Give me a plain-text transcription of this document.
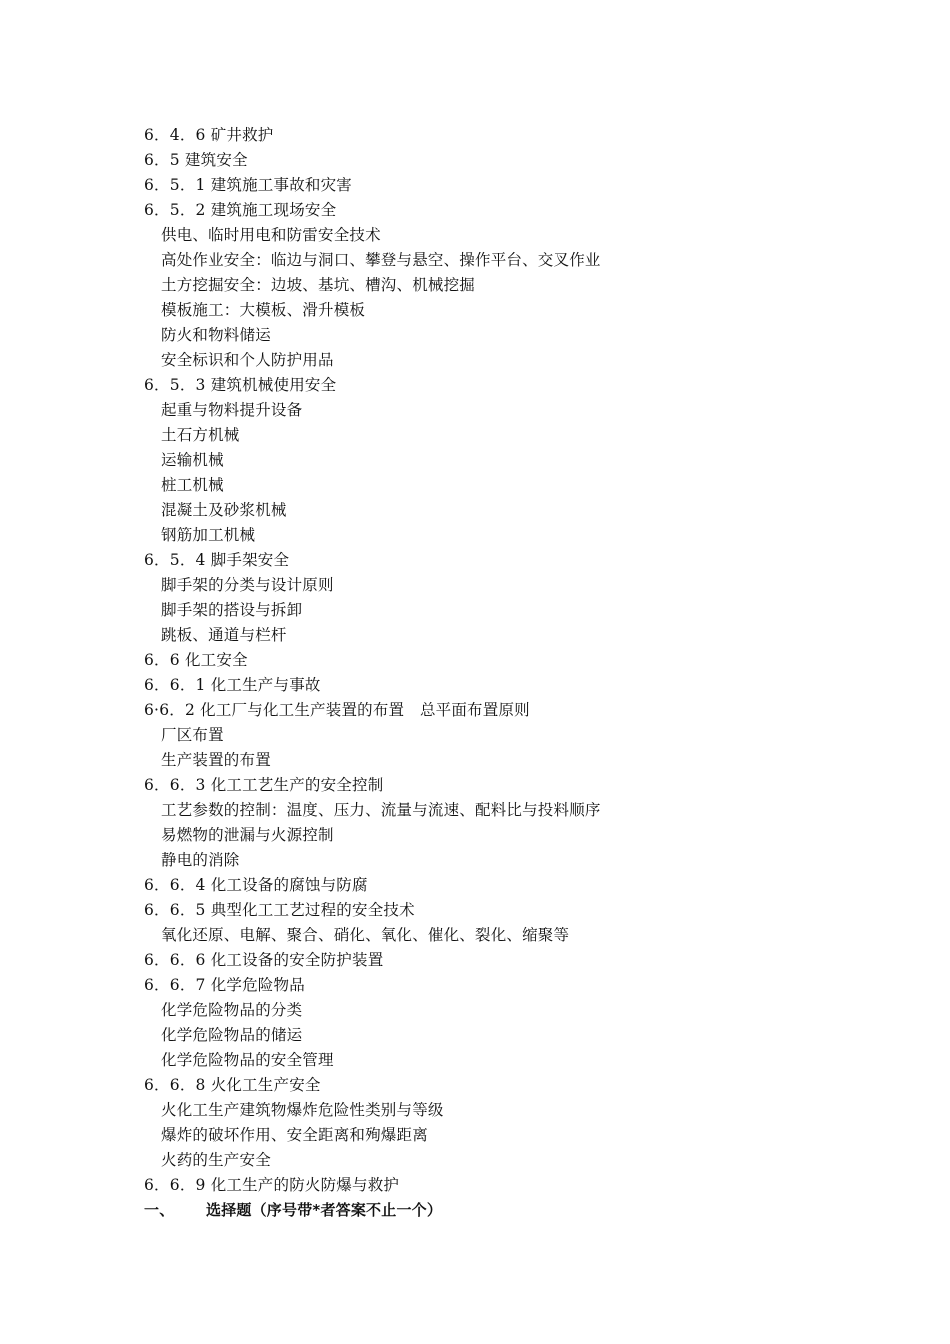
6．4．6 矿井救护
6．5 建筑安全
6．5．1 建筑施工事故和灾害
6．5．2 建筑施工现场安全
供电、临时用电和防雷安全技术
高处作业安全：临边与洞口、攀登与悬空、操作平台、交叉作业
土方挖掘安全：边坡、基坑、槽沟、机械挖掘
模板施工：大模板、滑升模板
防火和物料储运
安全标识和个人防护用品
6．5．3 建筑机械使用安全
起重与物料提升设备
土石方机械
运输机械
桩工机械
混凝土及砂浆机械
钢筋加工机械
6．5．4 脚手架安全
脚手架的分类与设计原则
脚手架的搭设与拆卸
跳板、通道与栏杆
6．6 化工安全
6．6．1 化工生产与事故
6·6．2 化工厂与化工生产装置的布置　总平面布置原则
厂区布置
生产装置的布置
6．6．3 化工工艺生产的安全控制
工艺参数的控制：温度、压力、流量与流速、配料比与投料顺序
易燃物的泄漏与火源控制
静电的消除
6．6．4 化工设备的腐蚀与防腐
6．6．5 典型化工工艺过程的安全技术
氧化还原、电解、聚合、硝化、氧化、催化、裂化、缩聚等
6．6．6 化工设备的安全防护装置
6．6．7 化学危险物品
化学危险物品的分类
化学危险物品的储运
化学危险物品的安全管理
6．6．8 火化工生产安全
火化工生产建筑物爆炸危险性类别与等级
爆炸的破坏作用、安全距离和殉爆距离
火药的生产安全
6．6．9 化工生产的防火防爆与救护
一、 选择题（序号带*者答案不止一个）
